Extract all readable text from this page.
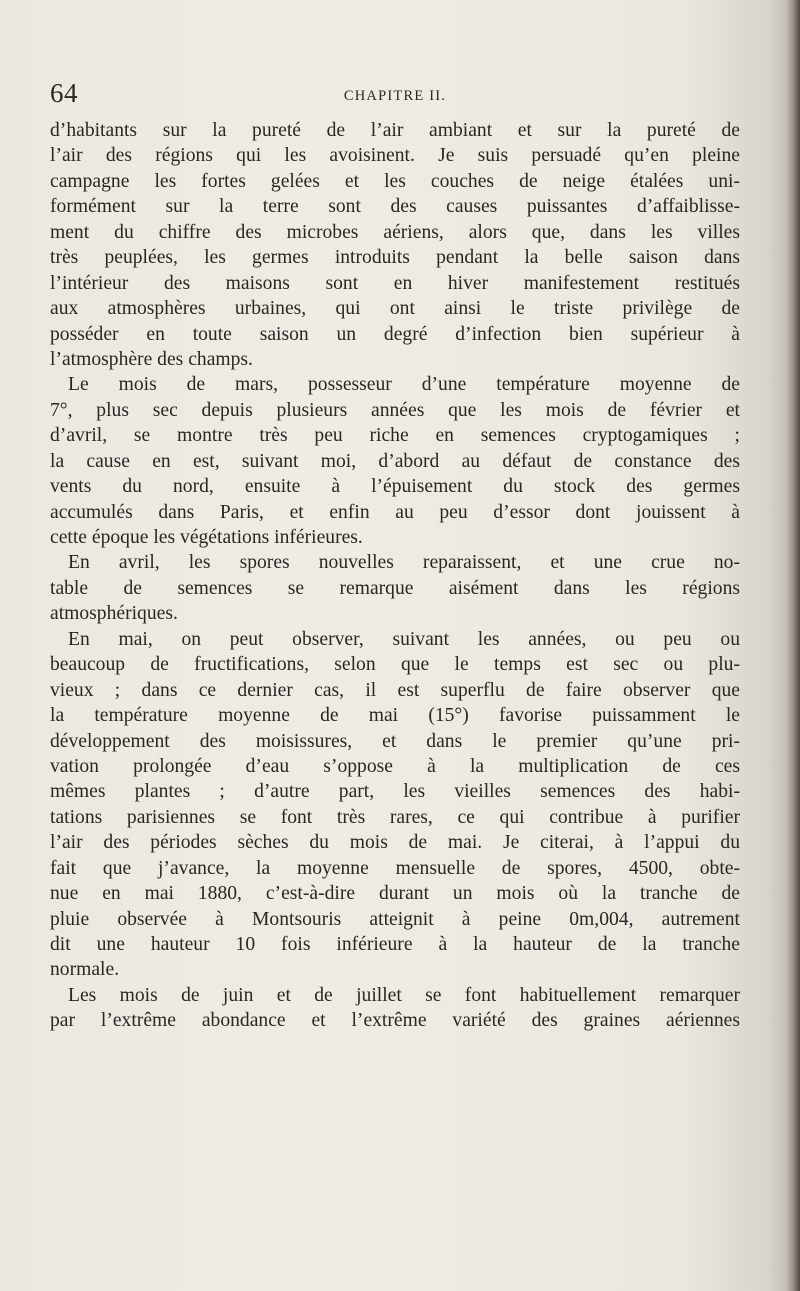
64	CHAPITRE II.
d’habitants sur la pureté de l’air ambiant et sur la pureté de
l’air des régions qui les avoisinent. Je suis persuadé qu’en pleine
campagne les fortes gelées et les couches de neige étalées uni-
formément sur la terre sont des causes puissantes d’affaiblisse-
ment du chiffre des microbes aériens, alors que, dans les villes
très peuplées, les germes introduits pendant la belle saison dans
l’intérieur des maisons sont en hiver manifestement restitués
aux atmosphères urbaines, qui ont ainsi le triste privilège de
posséder en toute saison un degré d’infection bien supérieur à
l’atmosphère des champs.
Le mois de mars, possesseur d’une température moyenne de
7°, plus sec depuis plusieurs années que les mois de février et
d’avril, se montre très peu riche en semences cryptogamiques ;
la cause en est, suivant moi, d’abord au défaut de constance des
vents du nord, ensuite à l’épuisement du stock des germes
accumulés dans Paris, et enfin au peu d’essor dont jouissent à
cette époque les végétations inférieures.
En avril, les spores nouvelles reparaissent, et une crue no-
table de semences se remarque aisément dans les régions
atmosphériques.
En mai, on peut observer, suivant les années, ou peu ou
beaucoup de fructifications, selon que le temps est sec ou plu-
vieux ; dans ce dernier cas, il est superflu de faire observer que
la température moyenne de mai (15°) favorise puissamment le
développement des moisissures, et dans le premier qu’une pri-
vation prolongée d’eau s’oppose à la multiplication de ces
mêmes plantes ; d’autre part, les vieilles semences des habi-
tations parisiennes se font très rares, ce qui contribue à purifier
l’air des périodes sèches du mois de mai. Je citerai, à l’appui du
fait que j’avance, la moyenne mensuelle de spores, 4500, obte-
nue en mai 1880, c’est-à-dire durant un mois où la tranche de
pluie observée à Montsouris atteignit à peine 0m,004, autrement
dit une hauteur 10 fois inférieure à la hauteur de la tranche
normale.
Les mois de juin et de juillet se font habituellement remarquer
par l’extrême abondance et l’extrême variété des graines aériennes
